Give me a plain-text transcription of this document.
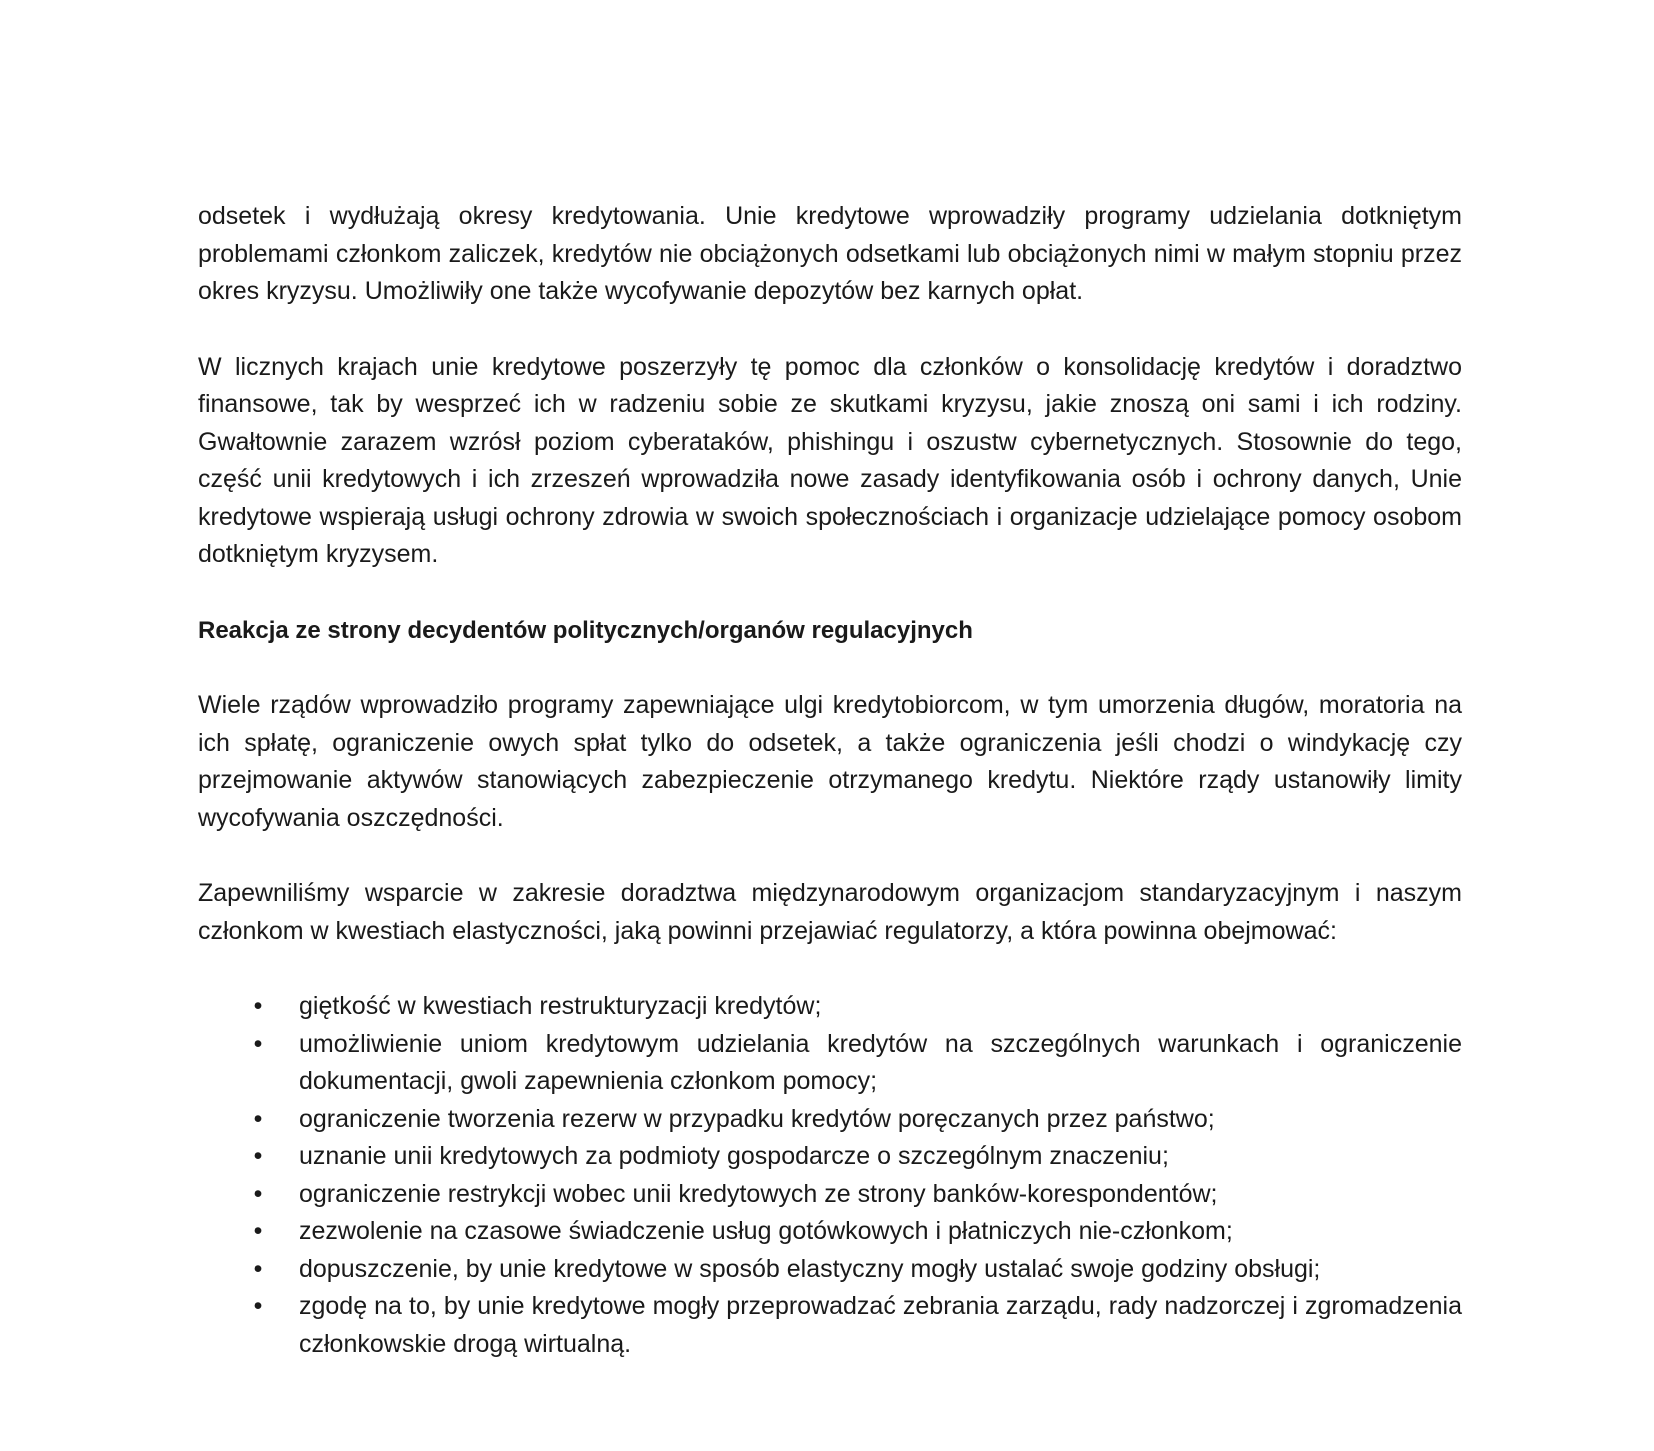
odsetek i wydłużają okresy kredytowania. Unie kredytowe wprowadziły programy udzielania dotkniętym problemami członkom zaliczek, kredytów nie obciążonych odsetkami lub obciążonych nimi w małym stopniu przez okres kryzysu. Umożliwiły one także wycofywanie depozytów bez karnych opłat.

W licznych krajach unie kredytowe poszerzyły tę pomoc dla członków o konsolidację kredytów i doradztwo finansowe, tak by wesprzeć ich w radzeniu sobie ze skutkami kryzysu, jakie znoszą oni sami i ich rodziny. Gwałtownie zarazem wzrósł poziom cyberataków, phishingu i oszustw cybernetycznych. Stosownie do tego, część unii kredytowych i ich zrzeszeń wprowadziła nowe zasady identyfikowania osób i ochrony danych, Unie kredytowe wspierają usługi ochrony zdrowia w swoich społecznościach i organizacje udzielające pomocy osobom dotkniętym kryzysem.

Reakcja ze strony decydentów politycznych/organów regulacyjnych

Wiele rządów wprowadziło programy zapewniające ulgi kredytobiorcom, w tym umorzenia długów, moratoria na ich spłatę, ograniczenie owych spłat tylko do odsetek, a także ograniczenia jeśli chodzi o windykację czy przejmowanie aktywów stanowiących zabezpieczenie otrzymanego kredytu. Niektóre rządy ustanowiły limity wycofywania oszczędności.

Zapewniliśmy wsparcie w zakresie doradztwa międzynarodowym organizacjom standaryzacyjnym i naszym członkom w kwestiach elastyczności, jaką powinni przejawiać regulatorzy, a która powinna obejmować:

• giętkość w kwestiach restrukturyzacji kredytów;
• umożliwienie uniom kredytowym udzielania kredytów na szczególnych warunkach i ograniczenie dokumentacji, gwoli zapewnienia członkom pomocy;
• ograniczenie tworzenia rezerw w przypadku kredytów poręczanych przez państwo;
• uznanie unii kredytowych za podmioty gospodarcze o szczególnym znaczeniu;
• ograniczenie restrykcji wobec unii kredytowych ze strony banków-korespondentów;
• zezwolenie na czasowe świadczenie usług gotówkowych i płatniczych nie-członkom;
• dopuszczenie, by unie kredytowe w sposób elastyczny mogły ustalać swoje godziny obsługi;
• zgodę na to, by unie kredytowe mogły przeprowadzać zebrania zarządu, rady nadzorczej i zgromadzenia członkowskie drogą wirtualną.
